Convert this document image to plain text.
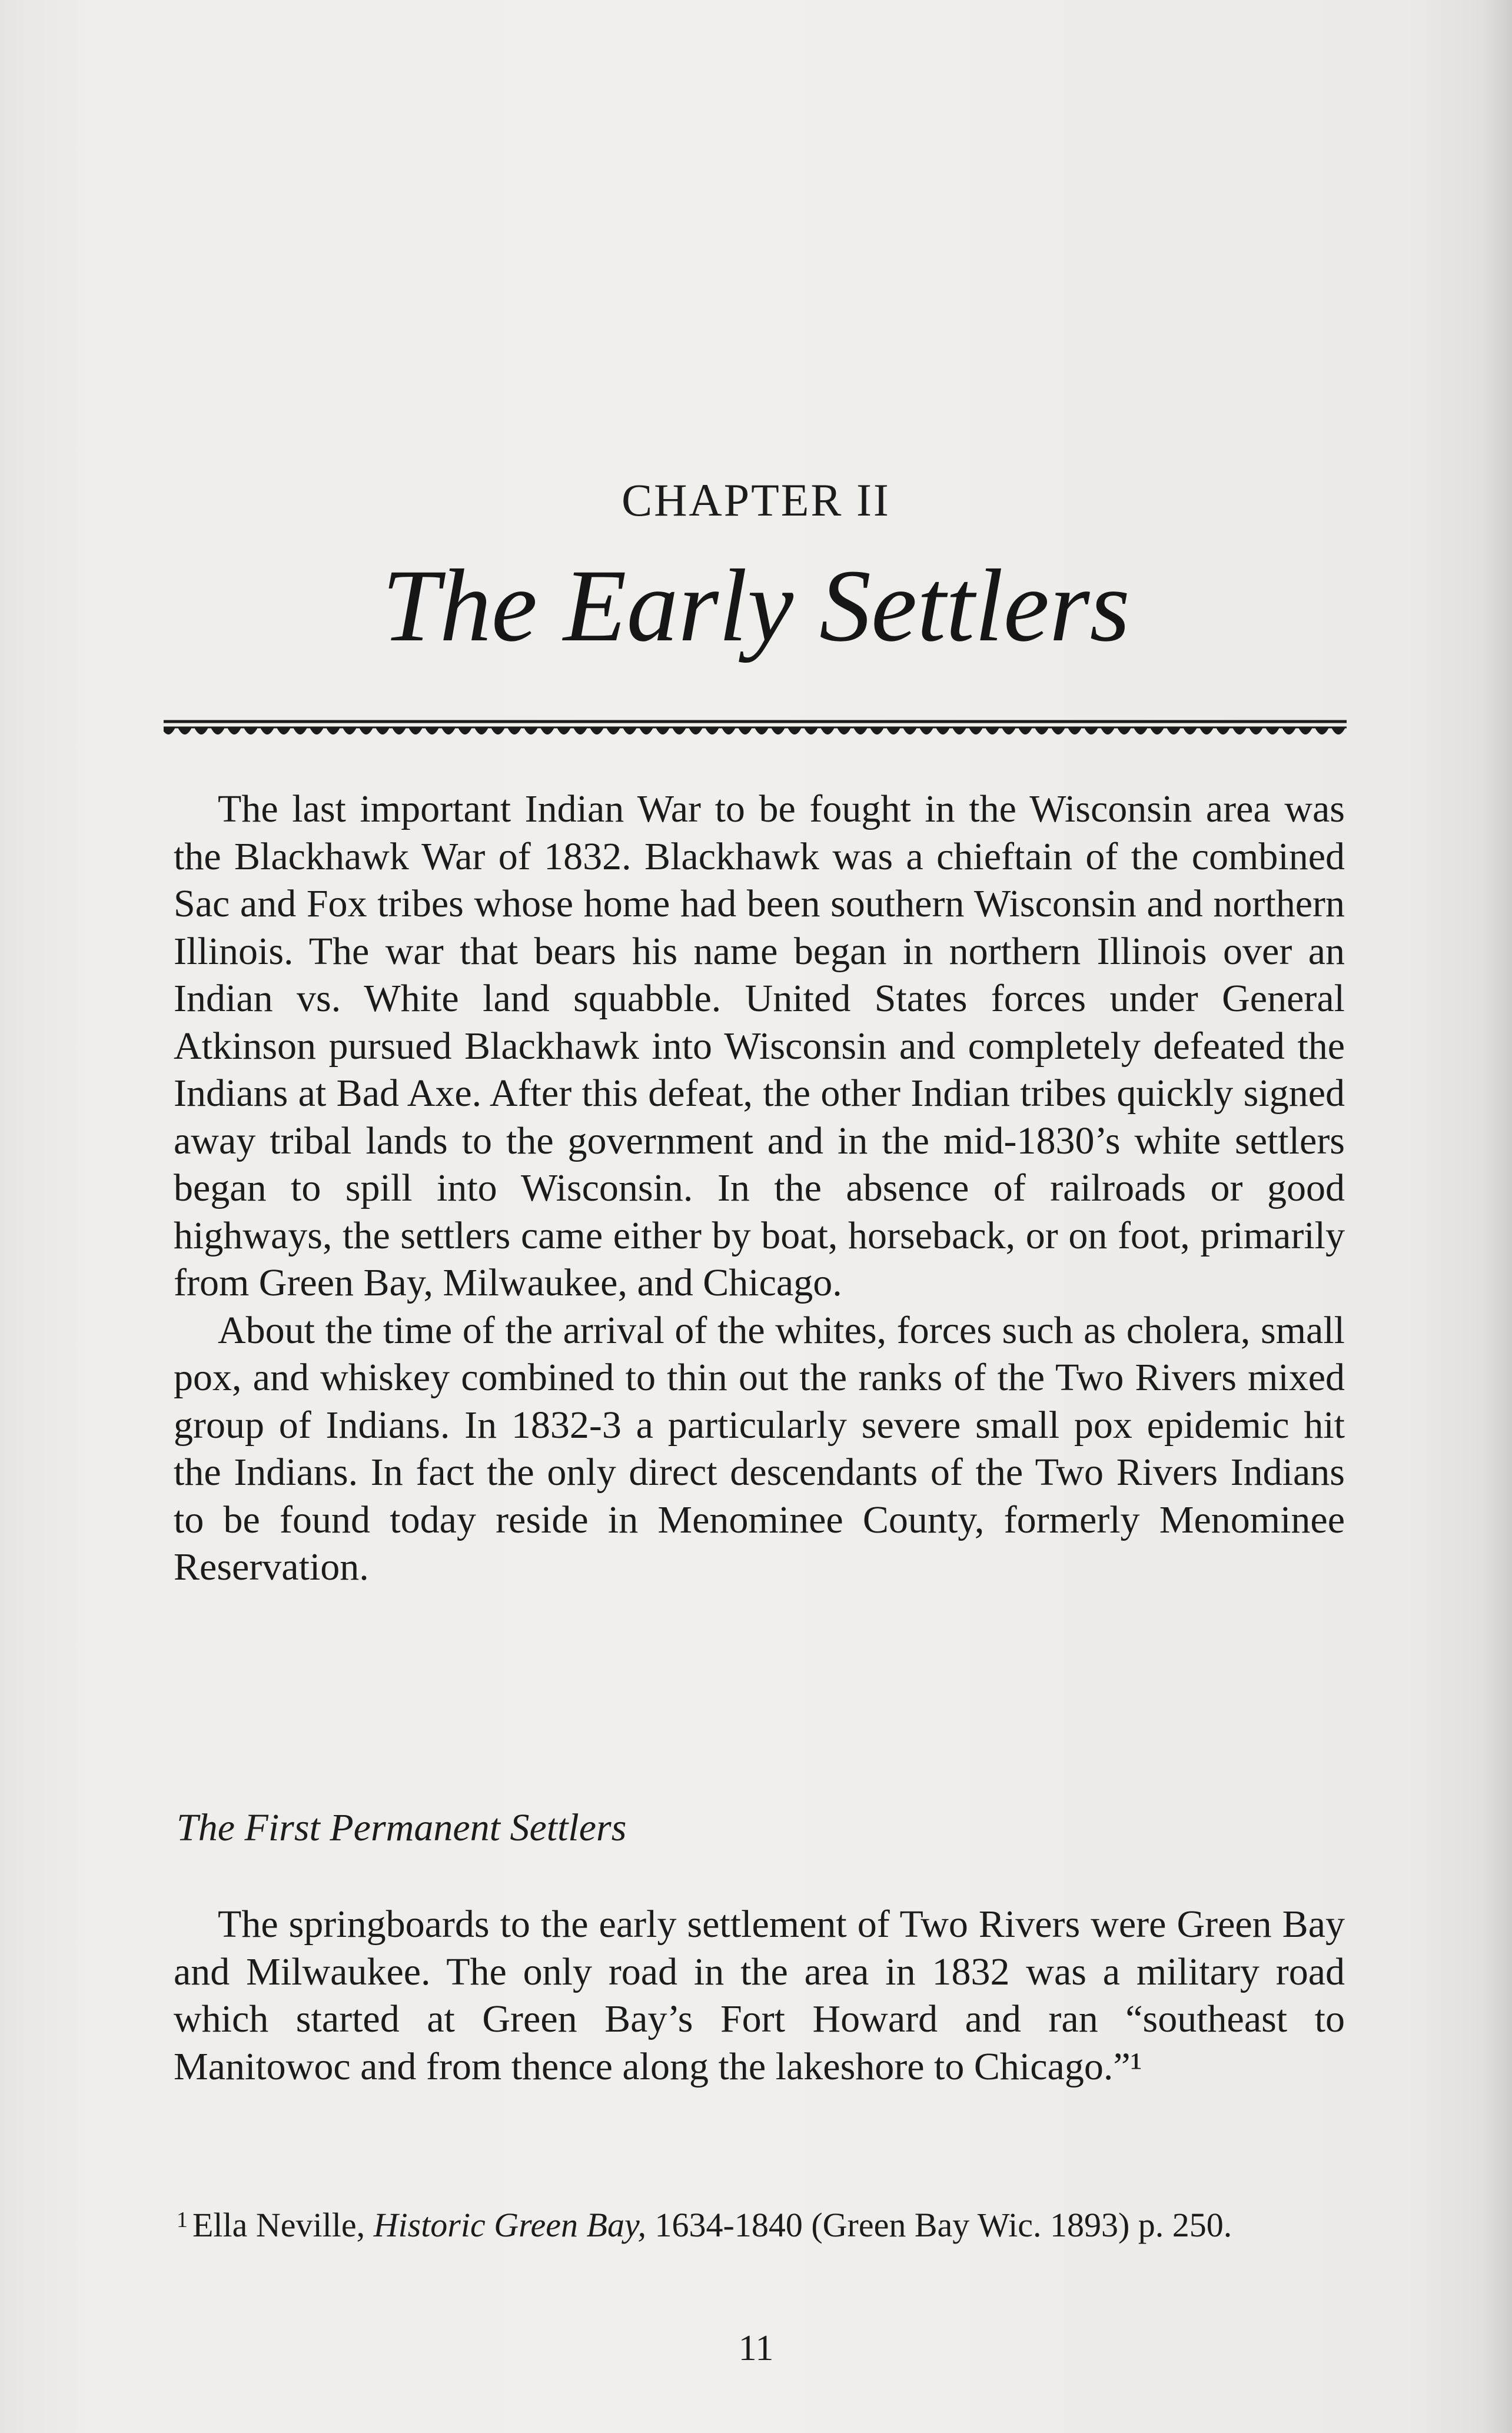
CHAPTER II
The Early Settlers

The last important Indian War to be fought in the Wisconsin area was the Blackhawk War of 1832. Blackhawk was a chieftain of the combined Sac and Fox tribes whose home had been southern Wisconsin and northern Illinois. The war that bears his name began in northern Illinois over an Indian vs. White land squabble. United States forces under General Atkinson pursued Blackhawk into Wisconsin and completely defeated the Indians at Bad Axe. After this defeat, the other Indian tribes quickly signed away tribal lands to the government and in the mid-1830’s white settlers began to spill into Wisconsin. In the absence of railroads or good highways, the settlers came either by boat, horseback, or on foot, primarily from Green Bay, Milwaukee, and Chicago.

About the time of the arrival of the whites, forces such as cholera, small pox, and whiskey combined to thin out the ranks of the Two Rivers mixed group of Indians. In 1832-3 a particularly severe small pox epidemic hit the Indians. In fact the only direct descendants of the Two Rivers Indians to be found today reside in Menominee County, formerly Menominee Reservation.

The First Permanent Settlers

The springboards to the early settlement of Two Rivers were Green Bay and Milwaukee. The only road in the area in 1832 was a military road which started at Green Bay’s Fort Howard and ran “southeast to Manitowoc and from thence along the lakeshore to Chicago.”¹

$^1$ Ella Neville, Historic Green Bay, 1634-1840 (Green Bay Wic. 1893) p. 250.
11
